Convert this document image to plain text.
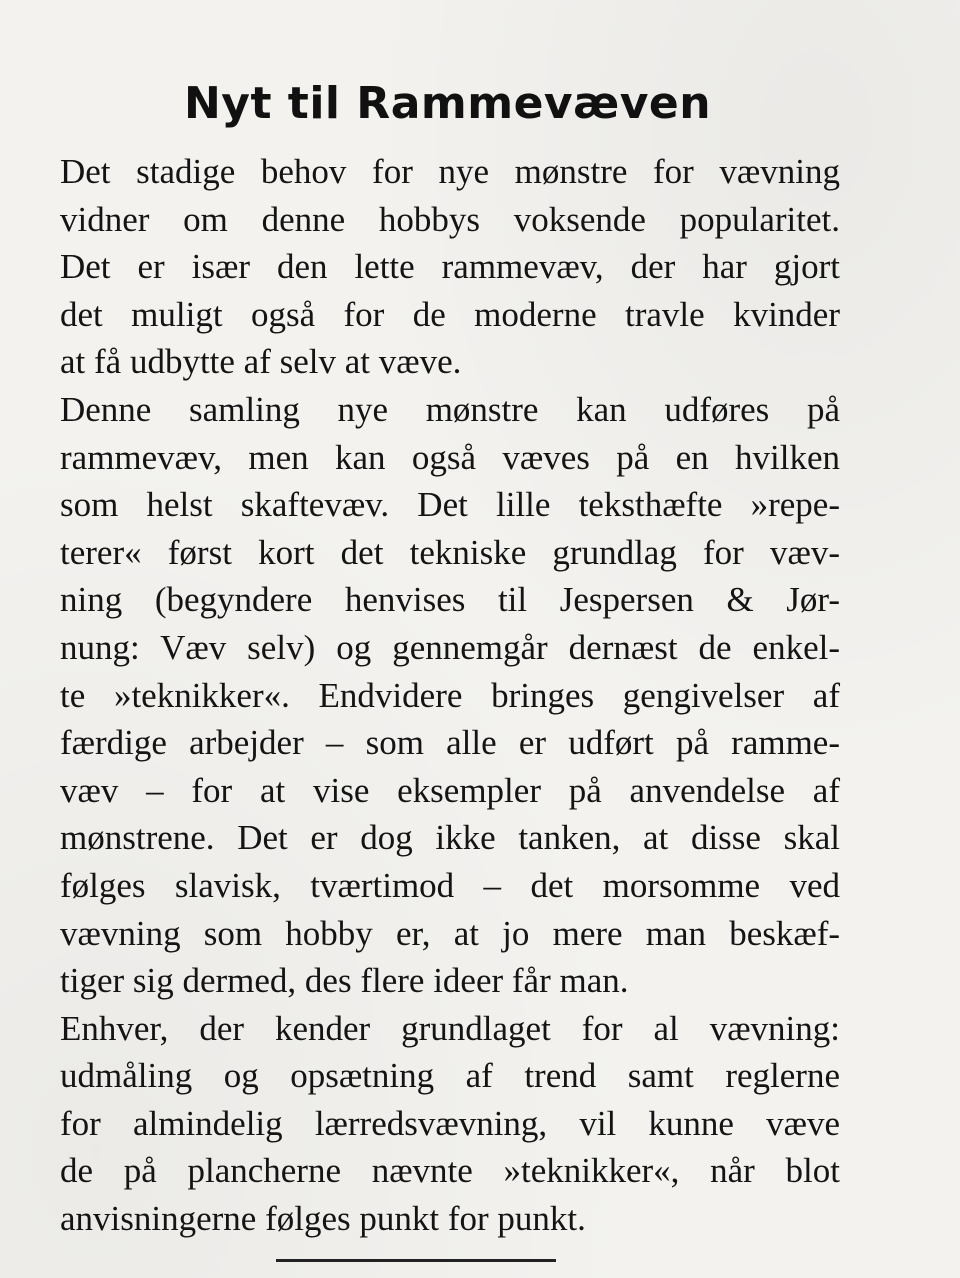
Nyt til Rammevæven
Det stadige behov for nye mønstre for vævning
vidner om denne hobbys voksende popularitet.
Det er især den lette rammevæv, der har gjort
det muligt også for de moderne travle kvinder
at få udbytte af selv at væve.
Denne samling nye mønstre kan udføres på
rammevæv, men kan også væves på en hvilken
som helst skaftevæv. Det lille teksthæfte »repe-
terer« først kort det tekniske grundlag for væv-
ning (begyndere henvises til Jespersen & Jør-
nung: Væv selv) og gennemgår dernæst de enkel-
te »teknikker«. Endvidere bringes gengivelser af
færdige arbejder – som alle er udført på ramme-
væv – for at vise eksempler på anvendelse af
mønstrene. Det er dog ikke tanken, at disse skal
følges slavisk, tværtimod – det morsomme ved
vævning som hobby er, at jo mere man beskæf-
tiger sig dermed, des flere ideer får man.
Enhver, der kender grundlaget for al vævning:
udmåling og opsætning af trend samt reglerne
for almindelig lærredsvævning, vil kunne væve
de på plancherne nævnte »teknikker«, når blot
anvisningerne følges punkt for punkt.
